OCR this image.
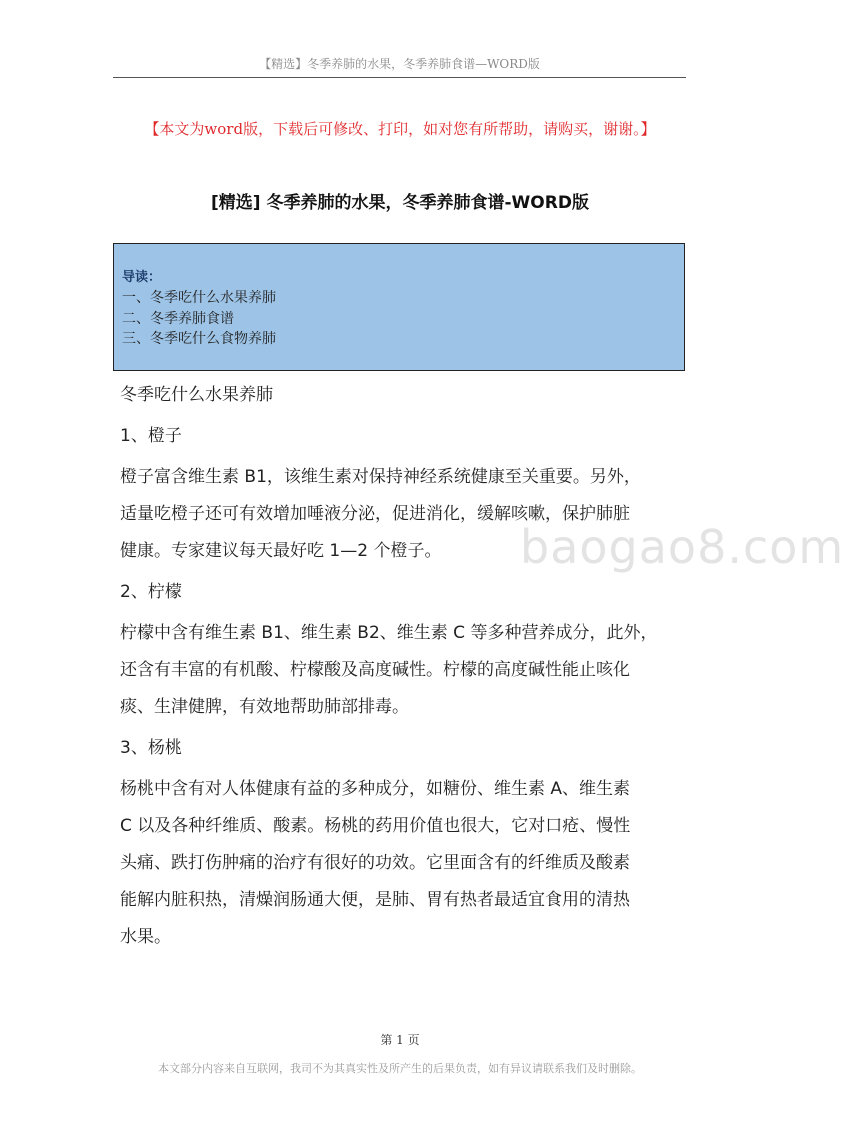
【精选】冬季养肺的水果，冬季养肺食谱—WORD版
【本文为word版，下载后可修改、打印，如对您有所帮助，请购买，谢谢。】
[精选] 冬季养肺的水果，冬季养肺食谱-WORD版
导读：
一、冬季吃什么水果养肺
二、冬季养肺食谱
三、冬季吃什么食物养肺
baogao8.com
冬季吃什么水果养肺
1、橙子
橙子富含维生素 B1，该维生素对保持神经系统健康至关重要。另外，
适量吃橙子还可有效增加唾液分泌，促进消化，缓解咳嗽，保护肺脏
健康。专家建议每天最好吃 1—2 个橙子。
2、柠檬
柠檬中含有维生素 B1、维生素 B2、维生素 C 等多种营养成分，此外，
还含有丰富的有机酸、柠檬酸及高度碱性。柠檬的高度碱性能止咳化
痰、生津健脾，有效地帮助肺部排毒。
3、杨桃
杨桃中含有对人体健康有益的多种成分，如糖份、维生素 A、维生素
C 以及各种纤维质、酸素。杨桃的药用价值也很大，它对口疮、慢性
头痛、跌打伤肿痛的治疗有很好的功效。它里面含有的纤维质及酸素
能解内脏积热，清燥润肠通大便，是肺、胃有热者最适宜食用的清热
水果。
第 1 页
本文部分内容来自互联网，我司不为其真实性及所产生的后果负责，如有异议请联系我们及时删除。
